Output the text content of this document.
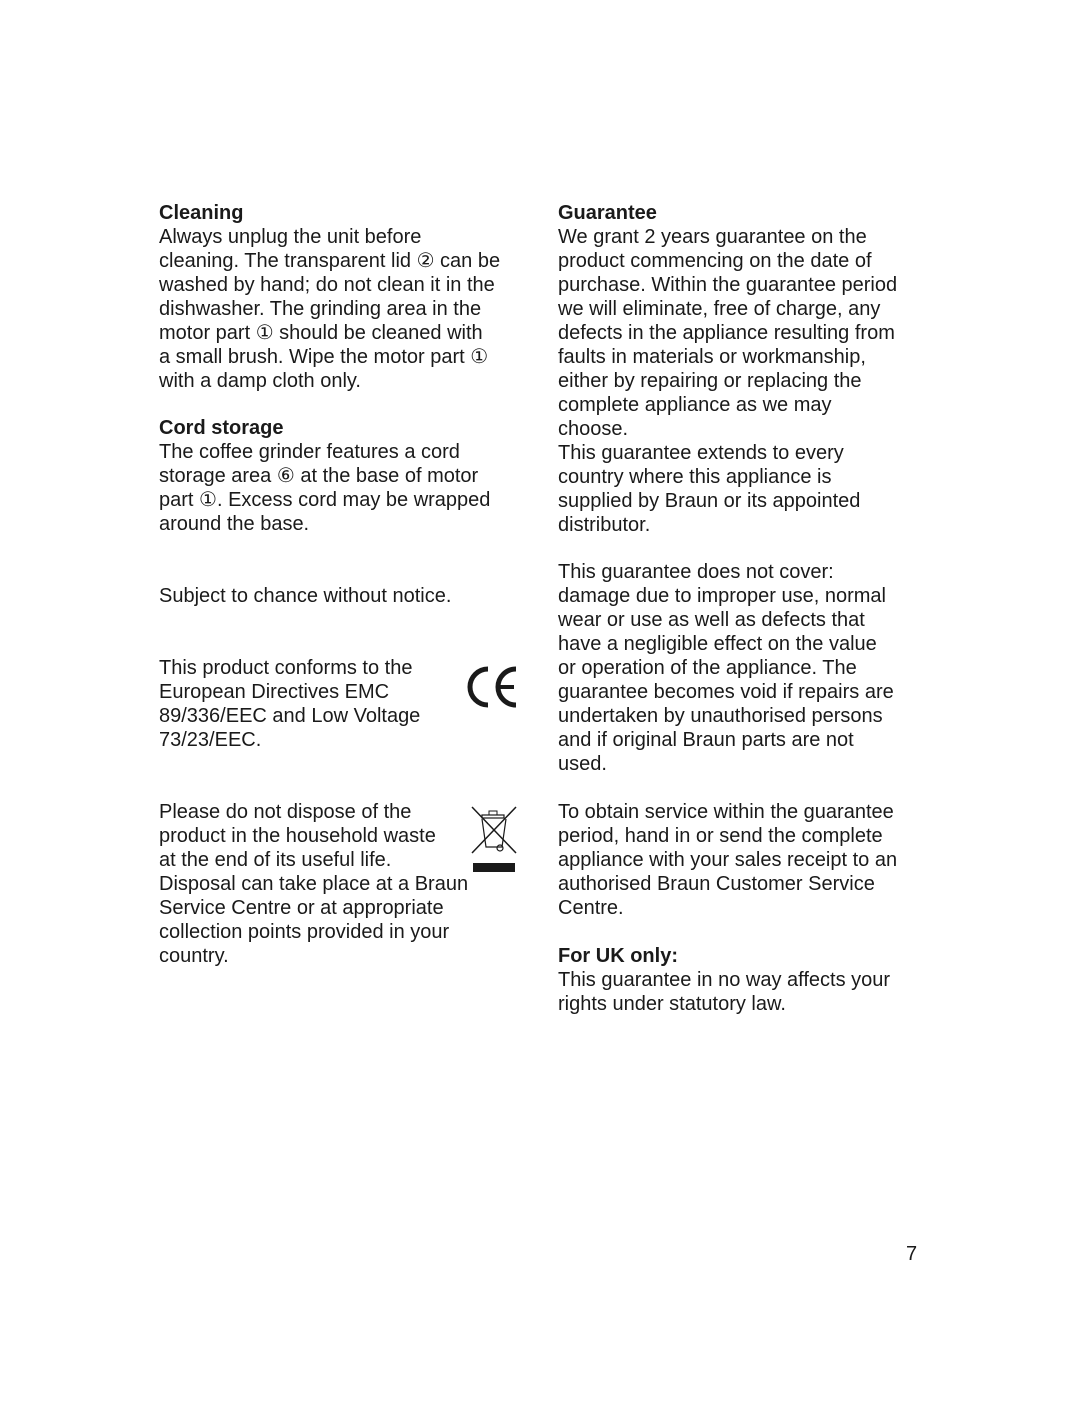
Cleaning
Always unplug the unit before
cleaning. The transparent lid ② can be
washed by hand; do not clean it in the
dishwasher. The grinding area in the
motor part ① should be cleaned with
a small brush. Wipe the motor part ①
with a damp cloth only.
Cord storage
The coffee grinder features a cord
storage area ⑥ at the base of motor
part ①. Excess cord may be wrapped
around the base.
Subject to chance without notice.
This product conforms to the
European Directives EMC
89/336/EEC and Low Voltage
73/23/EEC.
Please do not dispose of the
product in the household waste
at the end of its useful life.
Disposal can take place at a Braun
Service Centre or at appropriate
collection points provided in your
country.
Guarantee
We grant 2 years guarantee on the
product commencing on the date of
purchase. Within the guarantee period
we will eliminate, free of charge, any
defects in the appliance resulting from
faults in materials or workmanship,
either by repairing or replacing the
complete appliance as we may
choose.
This guarantee extends to every
country where this appliance is
supplied by Braun or its appointed
distributor.
This guarantee does not cover:
damage due to improper use, normal
wear or use as well as defects that
have a negligible effect on the value
or operation of the appliance. The
guarantee becomes void if repairs are
undertaken by unauthorised persons
and if original Braun parts are not
used.
To obtain service within the guarantee
period, hand in or send the complete
appliance with your sales receipt to an
authorised Braun Customer Service
Centre.
For UK only:
This guarantee in no way affects your
rights under statutory law.
7
